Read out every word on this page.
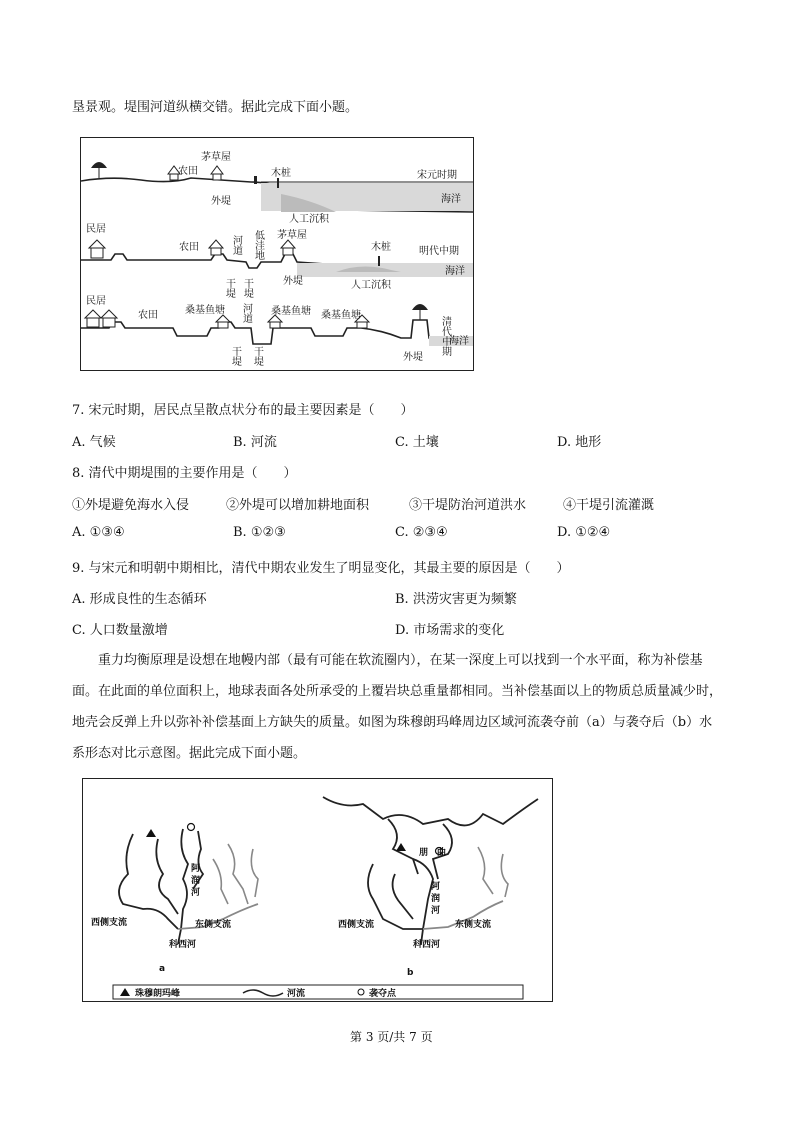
垦景观。堤围河道纵横交错。据此完成下面小题。
茅草屋
农田	木桩
外堤
人工沉积
宋元时期
海洋
民居
农田	河道 低洼地 茅草屋
干堤 干堤	外堤
木桩
人工沉积
明代中期
海洋
民居
农田	桑基鱼塘 河道 桑基鱼塘 桑基鱼塘
干堤 干堤	外堤
清代中期
海洋
7. 宋元时期，居民点呈散点状分布的最主要因素是（　　）
A. 气候	B. 河流	C. 土壤	D. 地形
8. 清代中期堤围的主要作用是（　　）
①外堤避免海水入侵	②外堤可以增加耕地面积	③干堤防治河道洪水	④干堤引流灌溉
A. ①③④	B. ①②③	C. ②③④	D. ①②④
9. 与宋元和明朝中期相比，清代中期农业发生了明显变化，其最主要的原因是（　　）
A. 形成良性的生态循环	B. 洪涝灾害更为频繁
C. 人口数量激增	D. 市场需求的变化
重力均衡原理是设想在地幔内部（最有可能在软流圈内），在某一深度上可以找到一个水平面，称为补偿基面。在此面的单位面积上，地球表面各处所承受的上覆岩块总重量都相同。当补偿基面以上的物质总质量减少时，地壳会反弹上升以弥补补偿基面上方缺失的质量。如图为珠穆朗玛峰周边区域河流袭夺前（a）与袭夺后（b）水系形态对比示意图。据此完成下面小题。
阿
润
河
东侧支流
西侧支流
科西河
a
朋　曲
阿
润
河
东侧支流
西侧支流
科西河
b
珠穆朗玛峰	河流	袭夺点
第 3 页/共 7 页
